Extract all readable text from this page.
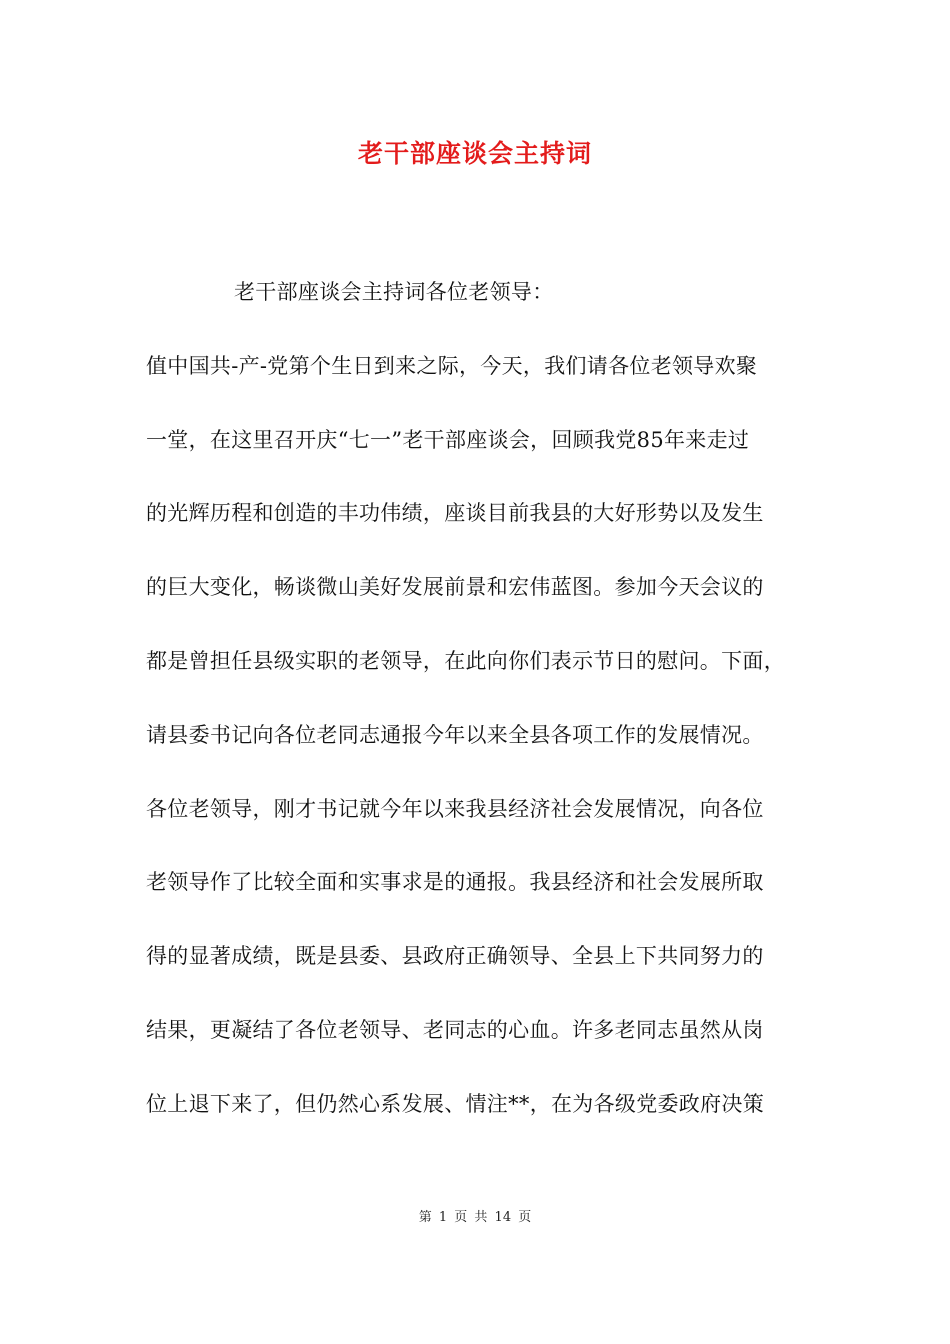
老干部座谈会主持词
老干部座谈会主持词各位老领导：
值中国共-产-党第个生日到来之际，今天，我们请各位老领导欢聚
一堂，在这里召开庆“七一”老干部座谈会，回顾我党85年来走过
的光辉历程和创造的丰功伟绩，座谈目前我县的大好形势以及发生
的巨大变化，畅谈微山美好发展前景和宏伟蓝图。参加今天会议的
都是曾担任县级实职的老领导，在此向你们表示节日的慰问。下面，
请县委书记向各位老同志通报今年以来全县各项工作的发展情况。
各位老领导，刚才书记就今年以来我县经济社会发展情况，向各位
老领导作了比较全面和实事求是的通报。我县经济和社会发展所取
得的显著成绩，既是县委、县政府正确领导、全县上下共同努力的
结果，更凝结了各位老领导、老同志的心血。许多老同志虽然从岗
位上退下来了，但仍然心系发展、情注**，在为各级党委政府决策
第 1 页 共 14 页
